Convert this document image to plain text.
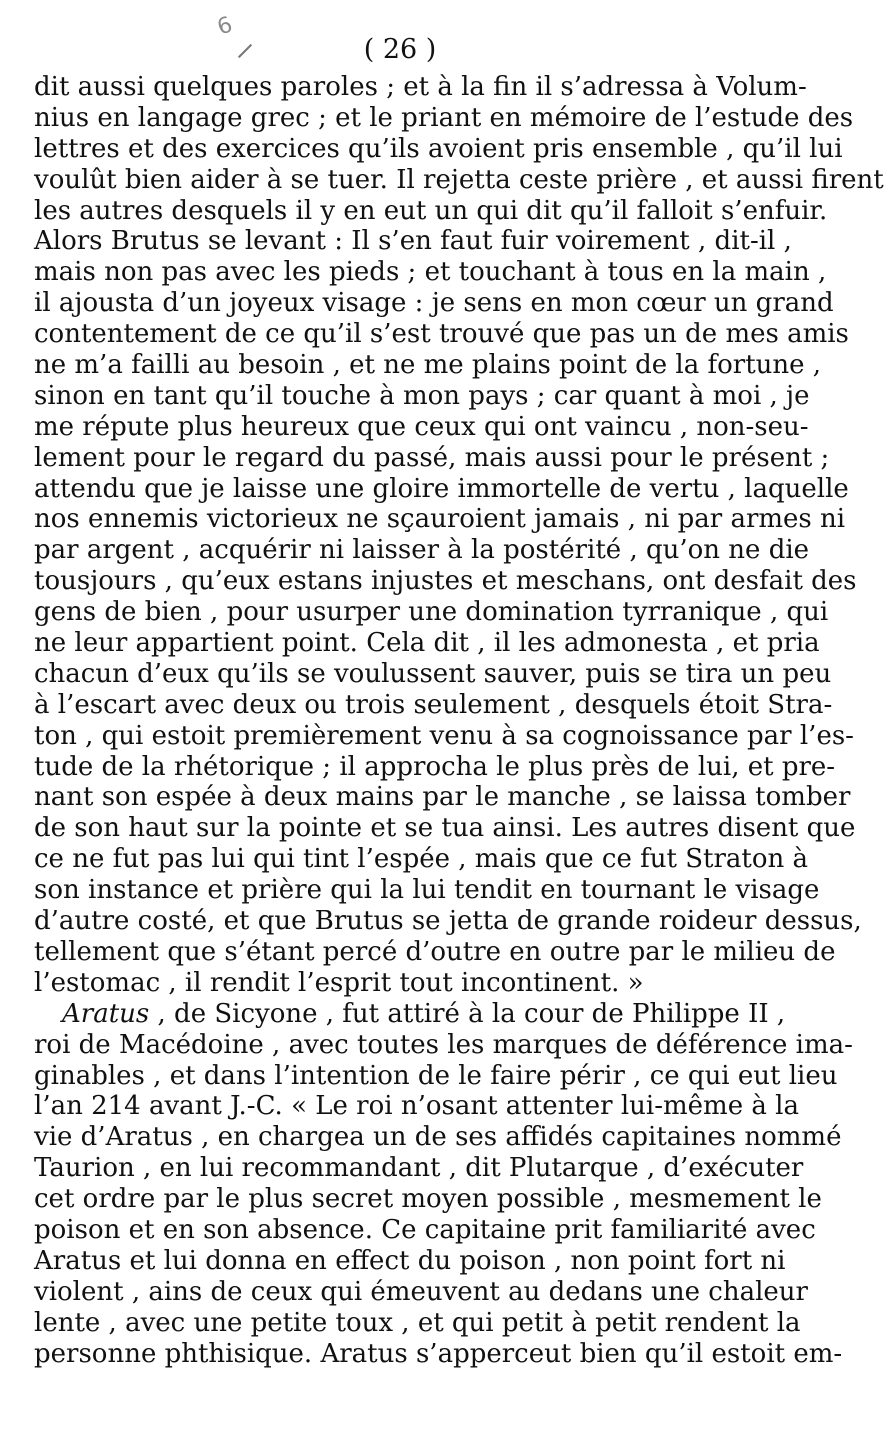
6
( 26 )
dit aussi quelques paroles ; et à la fin il s’adressa à Volum-
nius en langage grec ; et le priant en mémoire de l’estude des
lettres et des exercices qu’ils avoient pris ensemble , qu’il lui
voulût bien aider à se tuer. Il rejetta ceste prière , et aussi firent
les autres desquels il y en eut un qui dit qu’il falloit s’enfuir.
Alors Brutus se levant : Il s’en faut fuir voirement , dit-il ,
mais non pas avec les pieds ; et touchant à tous en la main ,
il ajousta d’un joyeux visage : je sens en mon cœur un grand
contentement de ce qu’il s’est trouvé que pas un de mes amis
ne m’a failli au besoin , et ne me plains point de la fortune ,
sinon en tant qu’il touche à mon pays ; car quant à moi , je
me répute plus heureux que ceux qui ont vaincu , non-seu-
lement pour le regard du passé, mais aussi pour le présent ;
attendu que je laisse une gloire immortelle de vertu , laquelle
nos ennemis victorieux ne sçauroient jamais , ni par armes ni
par argent , acquérir ni laisser à la postérité , qu’on ne die
tousjours , qu’eux estans injustes et meschans, ont desfait des
gens de bien , pour usurper une domination tyrranique , qui
ne leur appartient point. Cela dit , il les admonesta , et pria
chacun d’eux qu’ils se voulussent sauver, puis se tira un peu
à l’escart avec deux ou trois seulement , desquels étoit Stra-
ton , qui estoit premièrement venu à sa cognoissance par l’es-
tude de la rhétorique ; il approcha le plus près de lui, et pre-
nant son espée à deux mains par le manche , se laissa tomber
de son haut sur la pointe et se tua ainsi. Les autres disent que
ce ne fut pas lui qui tint l’espée , mais que ce fut Straton à
son instance et prière qui la lui tendit en tournant le visage
d’autre costé, et que Brutus se jetta de grande roideur dessus,
tellement que s’étant percé d’outre en outre par le milieu de
l’estomac , il rendit l’esprit tout incontinent. »
Aratus , de Sicyone , fut attiré à la cour de Philippe II ,
roi de Macédoine , avec toutes les marques de déférence ima-
ginables , et dans l’intention de le faire périr , ce qui eut lieu
l’an 214 avant J.-C. « Le roi n’osant attenter lui-même à la
vie d’Aratus , en chargea un de ses affidés capitaines nommé
Taurion , en lui recommandant , dit Plutarque , d’exécuter
cet ordre par le plus secret moyen possible , mesmement le
poison et en son absence. Ce capitaine prit familiarité avec
Aratus et lui donna en effect du poison , non point fort ni
violent , ains de ceux qui émeuvent au dedans une chaleur
lente , avec une petite toux , et qui petit à petit rendent la
personne phthisique. Aratus s’apperceut bien qu’il estoit em-
